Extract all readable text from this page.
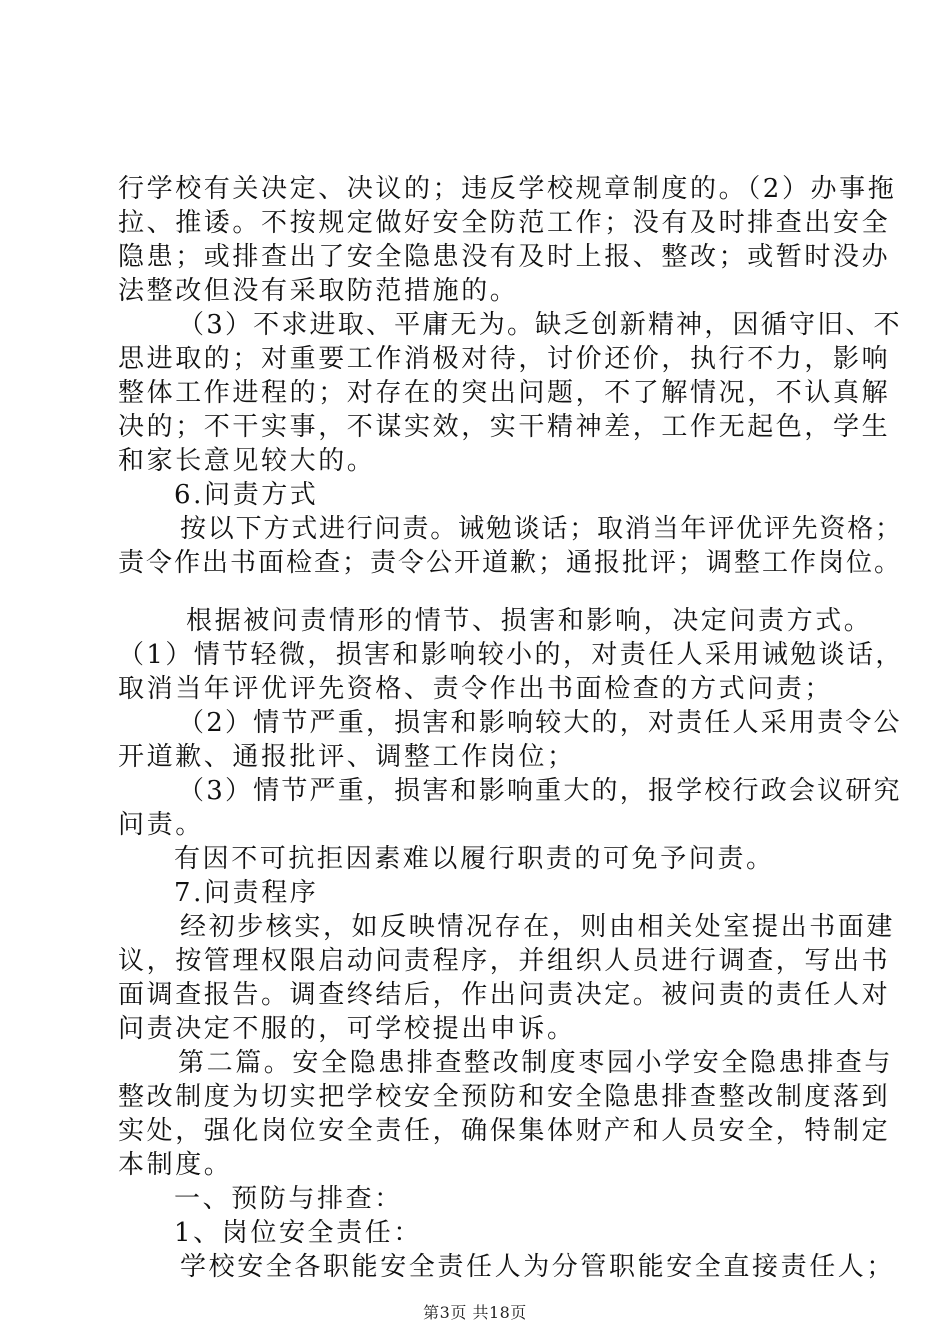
行学校有关决定、决议的；违反学校规章制度的。（2）办事拖
拉、推诿。不按规定做好安全防范工作；没有及时排查出安全
隐患；或排查出了安全隐患没有及时上报、整改；或暂时没办
法整改但没有采取防范措施的。
（3）不求进取、平庸无为。缺乏创新精神，因循守旧、不
思进取的；对重要工作消极对待，讨价还价，执行不力，影响
整体工作进程的；对存在的突出问题，不了解情况，不认真解
决的；不干实事，不谋实效，实干精神差，工作无起色，学生
和家长意见较大的。
6.问责方式
按以下方式进行问责。诫勉谈话；取消当年评优评先资格；
责令作出书面检查；责令公开道歉；通报批评；调整工作岗位。
根据被问责情形的情节、损害和影响，决定问责方式。
（1）情节轻微，损害和影响较小的，对责任人采用诫勉谈话，
取消当年评优评先资格、责令作出书面检查的方式问责；
（2）情节严重，损害和影响较大的，对责任人采用责令公
开道歉、通报批评、调整工作岗位；
（3）情节严重，损害和影响重大的，报学校行政会议研究
问责。
有因不可抗拒因素难以履行职责的可免予问责。
7.问责程序
经初步核实，如反映情况存在，则由相关处室提出书面建
议，按管理权限启动问责程序，并组织人员进行调查，写出书
面调查报告。调查终结后，作出问责决定。被问责的责任人对
问责决定不服的，可学校提出申诉。
第二篇。安全隐患排查整改制度枣园小学安全隐患排查与
整改制度为切实把学校安全预防和安全隐患排查整改制度落到
实处，强化岗位安全责任，确保集体财产和人员安全，特制定
本制度。
一、预防与排查：
1、岗位安全责任：
学校安全各职能安全责任人为分管职能安全直接责任人；
第3页 共18页
